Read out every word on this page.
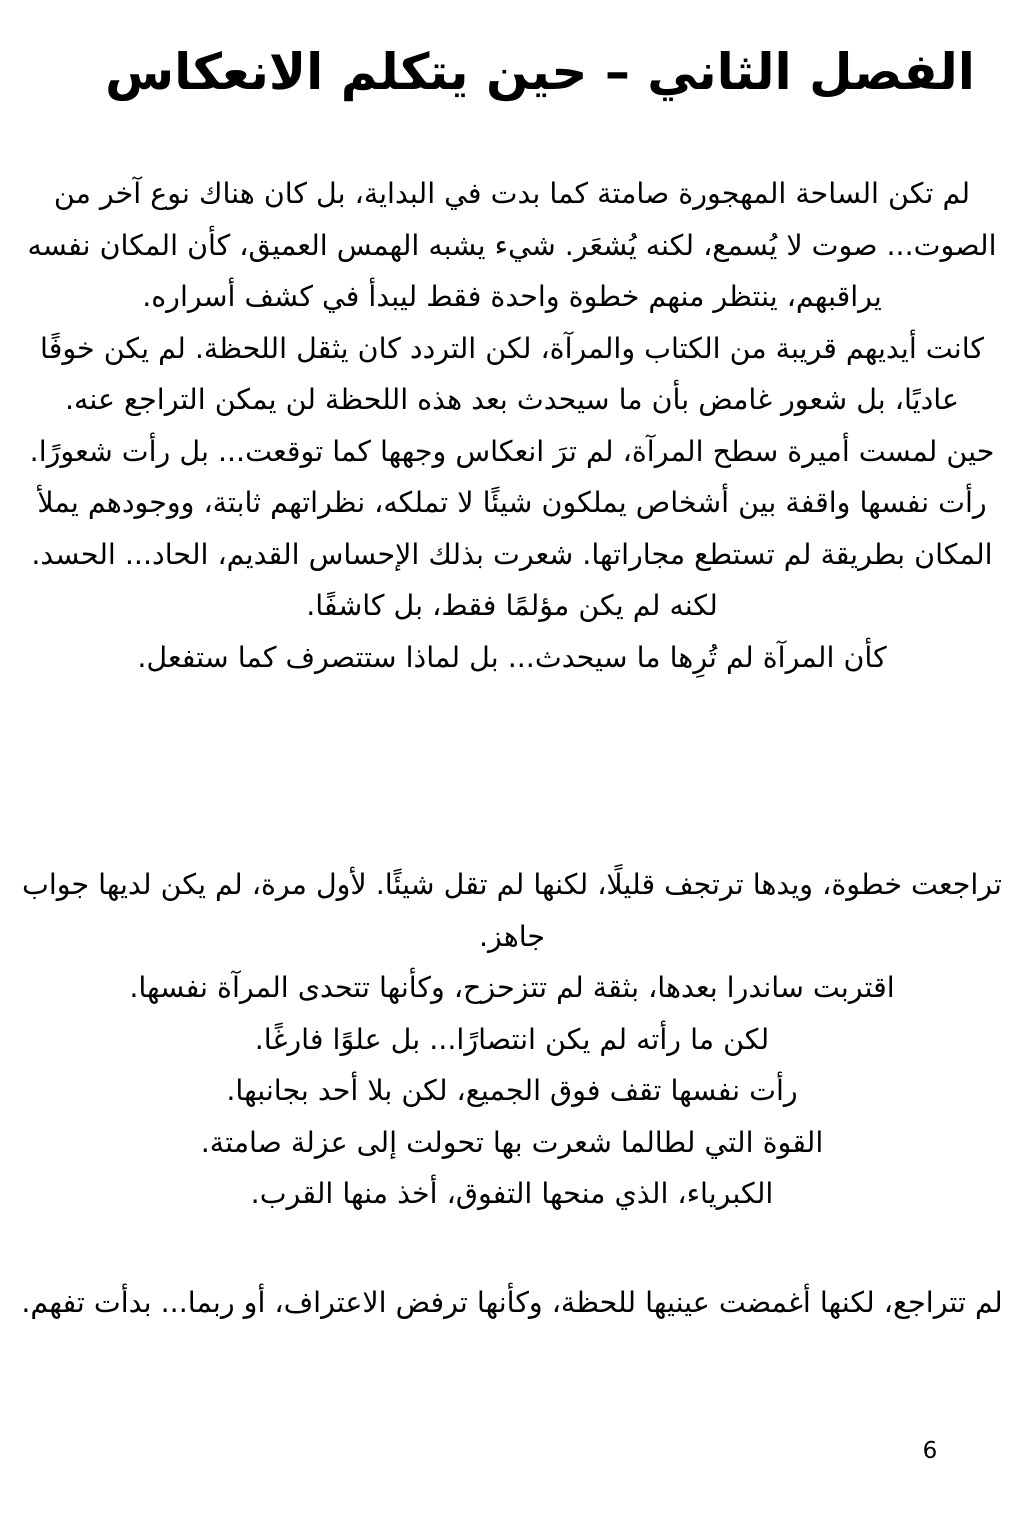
الفصل الثاني – حين يتكلم الانعكاس

لم تكن الساحة المهجورة صامتة كما بدت في البداية، بل كان هناك نوع آخر من الصوت... صوت لا يُسمع، لكنه يُشعَر. شيء يشبه الهمس العميق، كأن المكان نفسه يراقبهم، ينتظر منهم خطوة واحدة فقط ليبدأ في كشف أسراره.

كانت أيديهم قريبة من الكتاب والمرآة، لكن التردد كان يثقل اللحظة. لم يكن خوفًا عاديًا، بل شعور غامض بأن ما سيحدث بعد هذه اللحظة لن يمكن التراجع عنه.

حين لمست أميرة سطح المرآة، لم ترَ انعكاس وجهها كما توقعت... بل رأت شعورًا.

رأت نفسها واقفة بين أشخاص يملكون شيئًا لا تملكه، نظراتهم ثابتة، ووجودهم يملأ المكان بطريقة لم تستطع مجاراتها. شعرت بذلك الإحساس القديم، الحاد... الحسد. لكنه لم يكن مؤلمًا فقط، بل كاشفًا.

كأن المرآة لم تُرِها ما سيحدث... بل لماذا ستتصرف كما ستفعل.

تراجعت خطوة، ويدها ترتجف قليلًا، لكنها لم تقل شيئًا. لأول مرة، لم يكن لديها جواب جاهز.

اقتربت ساندرا بعدها، بثقة لم تتزحزح، وكأنها تتحدى المرآة نفسها.

لكن ما رأته لم يكن انتصارًا... بل علوًا فارغًا.

رأت نفسها تقف فوق الجميع، لكن بلا أحد بجانبها.

القوة التي لطالما شعرت بها تحولت إلى عزلة صامتة.

الكبرياء، الذي منحها التفوق، أخذ منها القرب.

لم تتراجع، لكنها أغمضت عينيها للحظة، وكأنها ترفض الاعتراف، أو ربما... بدأت تفهم.

6
